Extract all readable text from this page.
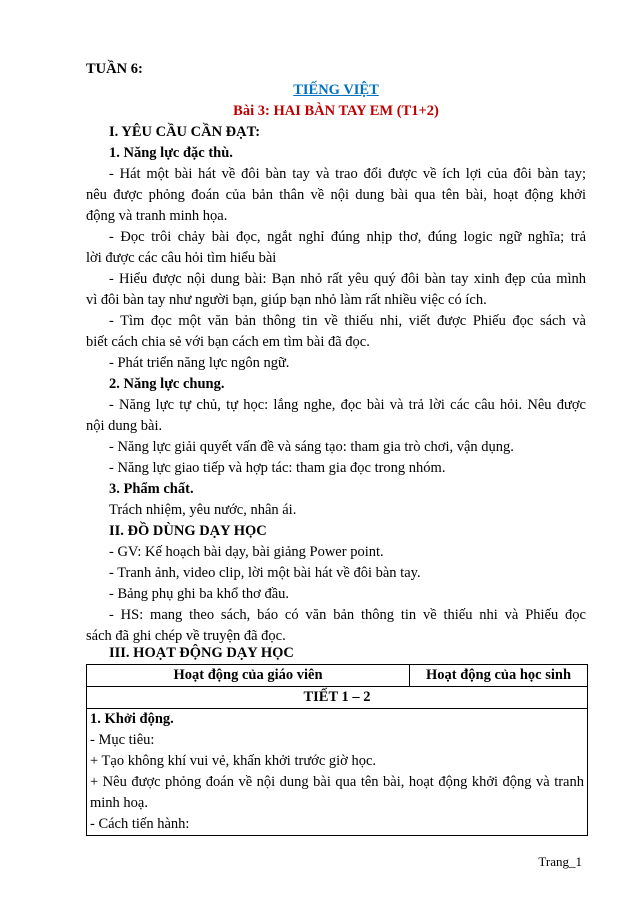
TUẦN 6:
TIẾNG VIỆT
Bài 3: HAI BÀN TAY EM (T1+2)
I. YÊU CẦU CẦN ĐẠT:
1. Năng lực đặc thù.
- Hát một bài hát về đôi bàn tay và trao đổi được về ích lợi của đôi bàn tay;
nêu được phỏng đoán của bản thân về nội dung bài qua tên bài, hoạt động khởi
động và tranh minh họa.
- Đọc trôi chảy bài đọc, ngắt nghỉ đúng nhịp thơ, đúng logic ngữ nghĩa; trả
lời được các câu hỏi tìm hiểu bài
- Hiểu được nội dung bài: Bạn nhỏ rất yêu quý đôi bàn tay xinh đẹp của mình
vì đôi bàn tay như người bạn, giúp bạn nhỏ làm rất nhiều việc có ích.
- Tìm đọc một văn bản thông tin về thiếu nhi, viết được Phiếu đọc sách và
biết cách chia sẻ với bạn cách em tìm bài đã đọc.
- Phát triển năng lực ngôn ngữ.
2. Năng lực chung.
- Năng lực tự chủ, tự học: lắng nghe, đọc bài và trả lời các câu hỏi. Nêu được
nội dung bài.
- Năng lực giải quyết vấn đề và sáng tạo: tham gia trò chơi, vận dụng.
- Năng lực giao tiếp và hợp tác: tham gia đọc trong nhóm.
3. Phẩm chất.
Trách nhiệm, yêu nước, nhân ái.
II. ĐỒ DÙNG DẠY HỌC
- GV: Kế hoạch bài dạy, bài giảng Power point.
- Tranh ảnh, video clip, lời một bài hát về đôi bàn tay.
- Bảng phụ ghi ba khổ thơ đầu.
- HS: mang theo sách, báo có văn bản thông tin về thiếu nhi và Phiếu đọc
sách đã ghi chép về truyện đã đọc.
III. HOẠT ĐỘNG DẠY HỌC
Hoạt động của giáo viên	Hoạt động của học sinh
TIẾT 1 – 2

1. Khởi động.
- Mục tiêu:
+ Tạo không khí vui vẻ, khấn khởi trước giờ học.
+ Nêu được phỏng đoán về nội dung bài qua tên bài, hoạt động khởi động và tranh
minh hoạ.
- Cách tiến hành:
Trang_1
